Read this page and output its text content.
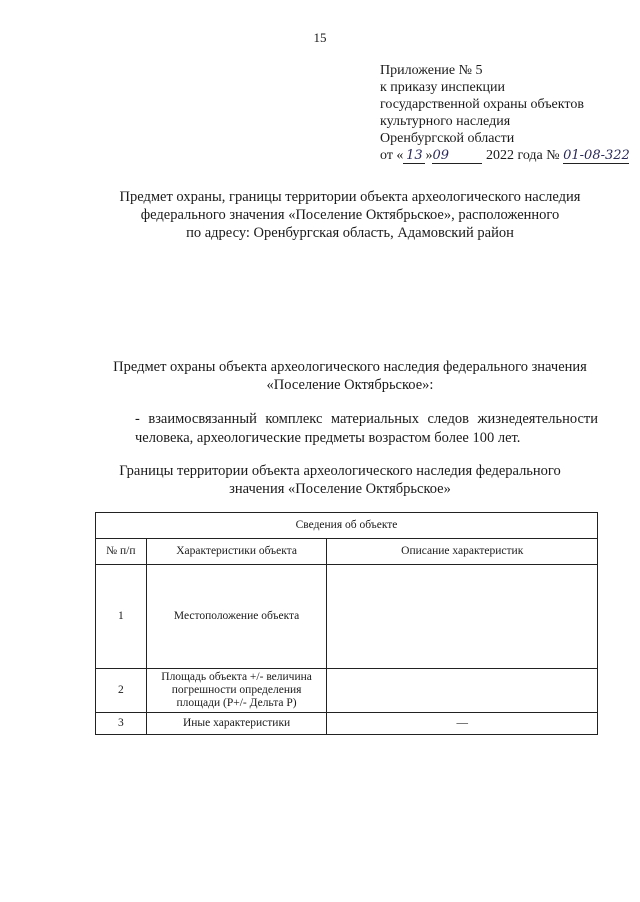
15
Приложение № 5
к приказу инспекции
государственной охраны объектов
культурного наследия
Оренбургской области
от « 13 »09	2022 года № 01-08-322
Предмет охраны, границы территории объекта археологического наследия
федерального значения «Поселение Октябрьское», расположенного
по адресу: Оренбургская область, Адамовский район
Предмет охраны объекта археологического наследия федерального значения
«Поселение Октябрьское»:
- взаимосвязанный комплекс материальных следов жизнедеятельности человека, археологические предметы возрастом более 100 лет.
Границы территории объекта археологического наследия федерального
значения «Поселение Октябрьское»
Сведения об объекте		
№ п/п	Характеристики объекта	Описание характеристик
1	Местоположение объекта	
2	Площадь объекта +/- величина погрешности определения площади (Р+/- Дельта Р)	
3	Иные характеристики	—
